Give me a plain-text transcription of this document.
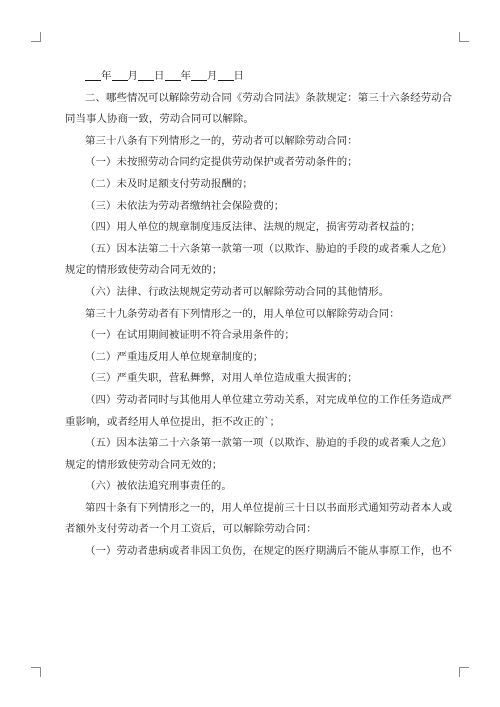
年 月 日 年 月 日
二、哪些情况可以解除劳动合同《劳动合同法》条款规定：第三十六条经劳动合
同当事人协商一致，劳动合同可以解除。
第三十八条有下列情形之一的，劳动者可以解除劳动合同：
（一）未按照劳动合同约定提供劳动保护或者劳动条件的；
（二）未及时足额支付劳动报酬的；
（三）未依法为劳动者缴纳社会保险费的；
（四）用人单位的规章制度违反法律、法规的规定，损害劳动者权益的；
（五）因本法第二十六条第一款第一项（以欺诈、胁迫的手段的或者乘人之危）
规定的情形致使劳动合同无效的；
（六）法律、行政法规规定劳动者可以解除劳动合同的其他情形。
第三十九条劳动者有下列情形之一的，用人单位可以解除劳动合同：
（一）在试用期间被证明不符合录用条件的；
（二）严重违反用人单位规章制度的；
（三）严重失职，营私舞弊，对用人单位造成重大损害的；
（四）劳动者同时与其他用人单位建立劳动关系，对完成单位的工作任务造成严
重影响，或者经用人单位提出，拒不改正的`；
（五）因本法第二十六条第一款第一项（以欺诈、胁迫的手段的或者乘人之危）
规定的情形致使劳动合同无效的；
（六）被依法追究刑事责任的。
第四十条有下列情形之一的，用人单位提前三十日以书面形式通知劳动者本人或
者额外支付劳动者一个月工资后，可以解除劳动合同：
（一）劳动者患病或者非因工负伤，在规定的医疗期满后不能从事原工作，也不
